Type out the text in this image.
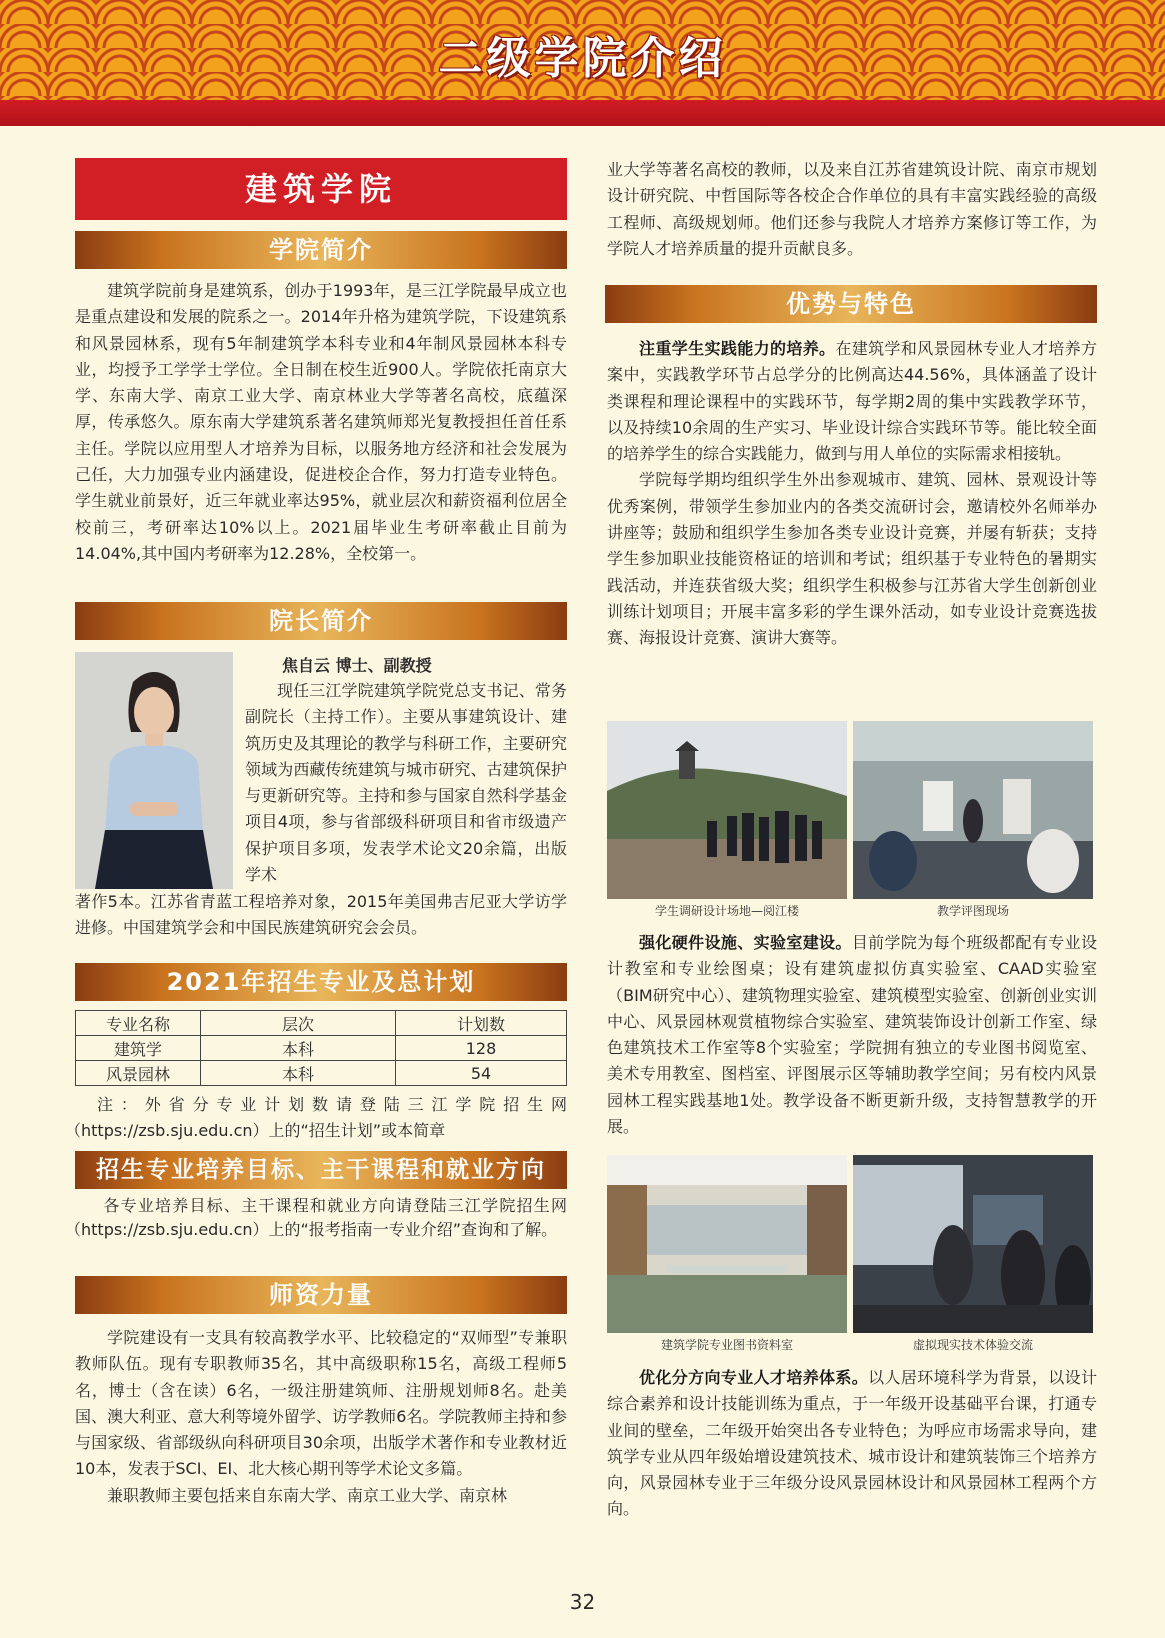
二级学院介绍
建筑学院
学院简介

建筑学院前身是建筑系，创办于1993年，是三江学院最早成立也是重点建设和发展的院系之一。2014年升格为建筑学院，下设建筑系和风景园林系，现有5年制建筑学本科专业和4年制风景园林本科专业，均授予工学学士学位。全日制在校生近900人。学院依托南京大学、东南大学、南京工业大学、南京林业大学等著名高校，底蕴深厚，传承悠久。原东南大学建筑系著名建筑师郑光复教授担任首任系主任。学院以应用型人才培养为目标，以服务地方经济和社会发展为己任，大力加强专业内涵建设，促进校企合作，努力打造专业特色。学生就业前景好，近三年就业率达95%，就业层次和薪资福利位居全校前三，考研率达10%以上。2021届毕业生考研率截止目前为14.04%,其中国内考研率为12.28%，全校第一。

院长简介
焦自云 博士、副教授

现任三江学院建筑学院党总支书记、常务副院长（主持工作）。主要从事建筑设计、建筑历史及其理论的教学与科研工作，主要研究领域为西藏传统建筑与城市研究、古建筑保护与更新研究等。主持和参与国家自然科学基金项目4项，参与省部级科研项目和省市级遗产保护项目多项，发表学术论文20余篇，出版学术

著作5本。江苏省青蓝工程培养对象，2015年美国弗吉尼亚大学访学进修。中国建筑学会和中国民族建筑研究会会员。

2021年招生专业及总计划
专业名称	层次	计划数
建筑学	本科	128
风景园林	本科	54

注：外省分专业计划数请登陆三江学院招生网（https://zsb.sju.edu.cn）上的“招生计划”或本简章

招生专业培养目标、主干课程和就业方向

各专业培养目标、主干课程和就业方向请登陆三江学院招生网（https://zsb.sju.edu.cn）上的“报考指南一专业介绍”查询和了解。

师资力量

学院建设有一支具有较高教学水平、比较稳定的“双师型”专兼职教师队伍。现有专职教师35名，其中高级职称15名，高级工程师5名，博士（含在读）6名，一级注册建筑师、注册规划师8名。赴美国、澳大利亚、意大利等境外留学、访学教师6名。学院教师主持和参与国家级、省部级纵向科研项目30余项，出版学术著作和专业教材近10本，发表于SCI、EI、北大核心期刊等学术论文多篇。

兼职教师主要包括来自东南大学、南京工业大学、南京林

业大学等著名高校的教师，以及来自江苏省建筑设计院、南京市规划设计研究院、中哲国际等各校企合作单位的具有丰富实践经验的高级工程师、高级规划师。他们还参与我院人才培养方案修订等工作，为学院人才培养质量的提升贡献良多。

优势与特色

注重学生实践能力的培养。在建筑学和风景园林专业人才培养方案中，实践教学环节占总学分的比例高达44.56%，具体涵盖了设计类课程和理论课程中的实践环节，每学期2周的集中实践教学环节，以及持续10余周的生产实习、毕业设计综合实践环节等。能比较全面的培养学生的综合实践能力，做到与用人单位的实际需求相接轨。

学院每学期均组织学生外出参观城市、建筑、园林、景观设计等优秀案例，带领学生参加业内的各类交流研讨会，邀请校外名师举办讲座等；鼓励和组织学生参加各类专业设计竞赛，并屡有斩获；支持学生参加职业技能资格证的培训和考试；组织基于专业特色的暑期实践活动，并连获省级大奖；组织学生积极参与江苏省大学生创新创业训练计划项目；开展丰富多彩的学生课外活动，如专业设计竞赛选拔赛、海报设计竞赛、演讲大赛等。

学生调研设计场地—阅江楼	教学评图现场

强化硬件设施、实验室建设。目前学院为每个班级都配有专业设计教室和专业绘图桌；设有建筑虚拟仿真实验室、CAAD实验室（BIM研究中心）、建筑物理实验室、建筑模型实验室、创新创业实训中心、风景园林观赏植物综合实验室、建筑装饰设计创新工作室、绿色建筑技术工作室等8个实验室；学院拥有独立的专业图书阅览室、美术专用教室、图档室、评图展示区等辅助教学空间；另有校内风景园林工程实践基地1处。教学设备不断更新升级，支持智慧教学的开展。

建筑学院专业图书资料室	虚拟现实技术体验交流

优化分方向专业人才培养体系。以人居环境科学为背景，以设计综合素养和设计技能训练为重点，于一年级开设基础平台课，打通专业间的壁垒，二年级开始突出各专业特色；为呼应市场需求导向，建筑学专业从四年级始增设建筑技术、城市设计和建筑装饰三个培养方向，风景园林专业于三年级分设风景园林设计和风景园林工程两个方向。

32
